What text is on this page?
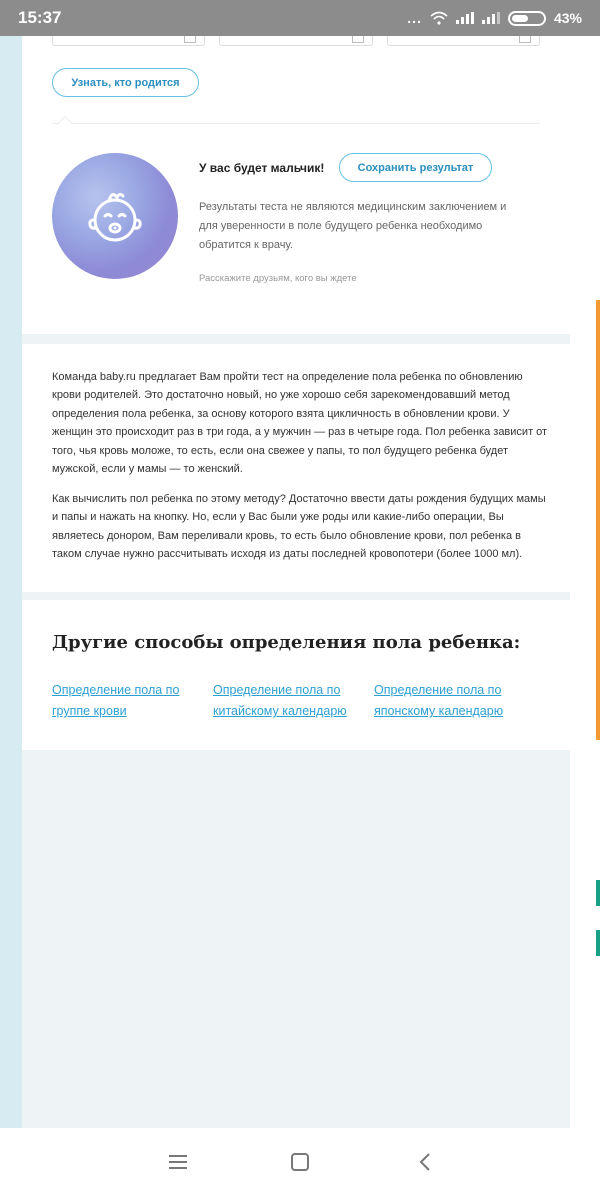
15:37	...	43%
Узнать, кто родится
У вас будет мальчик!	Сохранить результат
Результаты теста не являются медицинским заключением и для уверенности в поле будущего ребенка необходимо обратится к врачу.
Расскажите друзьям, кого вы ждете

Команда baby.ru предлагает Вам пройти тест на определение пола ребенка по обновлению крови родителей. Это достаточно новый, но уже хорошо себя зарекомендовавший метод определения пола ребенка, за основу которого взята цикличность в обновлении крови. У женщин это происходит раз в три года, а у мужчин — раз в четыре года. Пол ребенка зависит от того, чья кровь моложе, то есть, если она свежее у папы, то пол будущего ребенка будет мужской, если у мамы — то женский.

Как вычислить пол ребенка по этому методу? Достаточно ввести даты рождения будущих мамы и папы и нажать на кнопку. Но, если у Вас были уже роды или какие-либо операции, Вы являетесь донором, Вам переливали кровь, то есть было обновление крови, пол ребенка в таком случае нужно рассчитывать исходя из даты последней кровопотери (более 1000 мл).

Другие способы определения пола ребенка:
Определение пола по группе крови
Определение пола по китайскому календарю
Определение пола по японскому календарю
